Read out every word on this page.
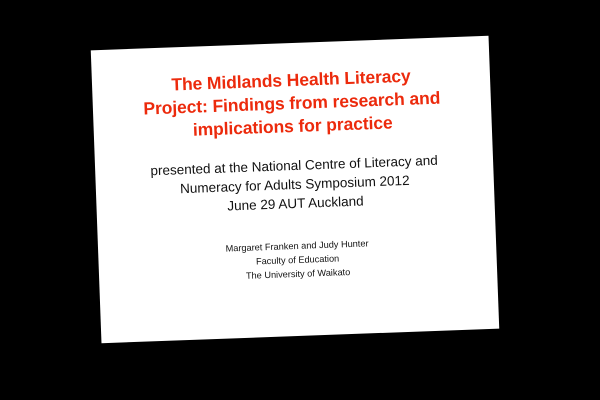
The Midlands Health Literacy
Project: Findings from research and
implications for practice
presented at the National Centre of Literacy and
Numeracy for Adults Symposium 2012
June 29 AUT Auckland
Margaret Franken and Judy Hunter
Faculty of Education
The University of Waikato
